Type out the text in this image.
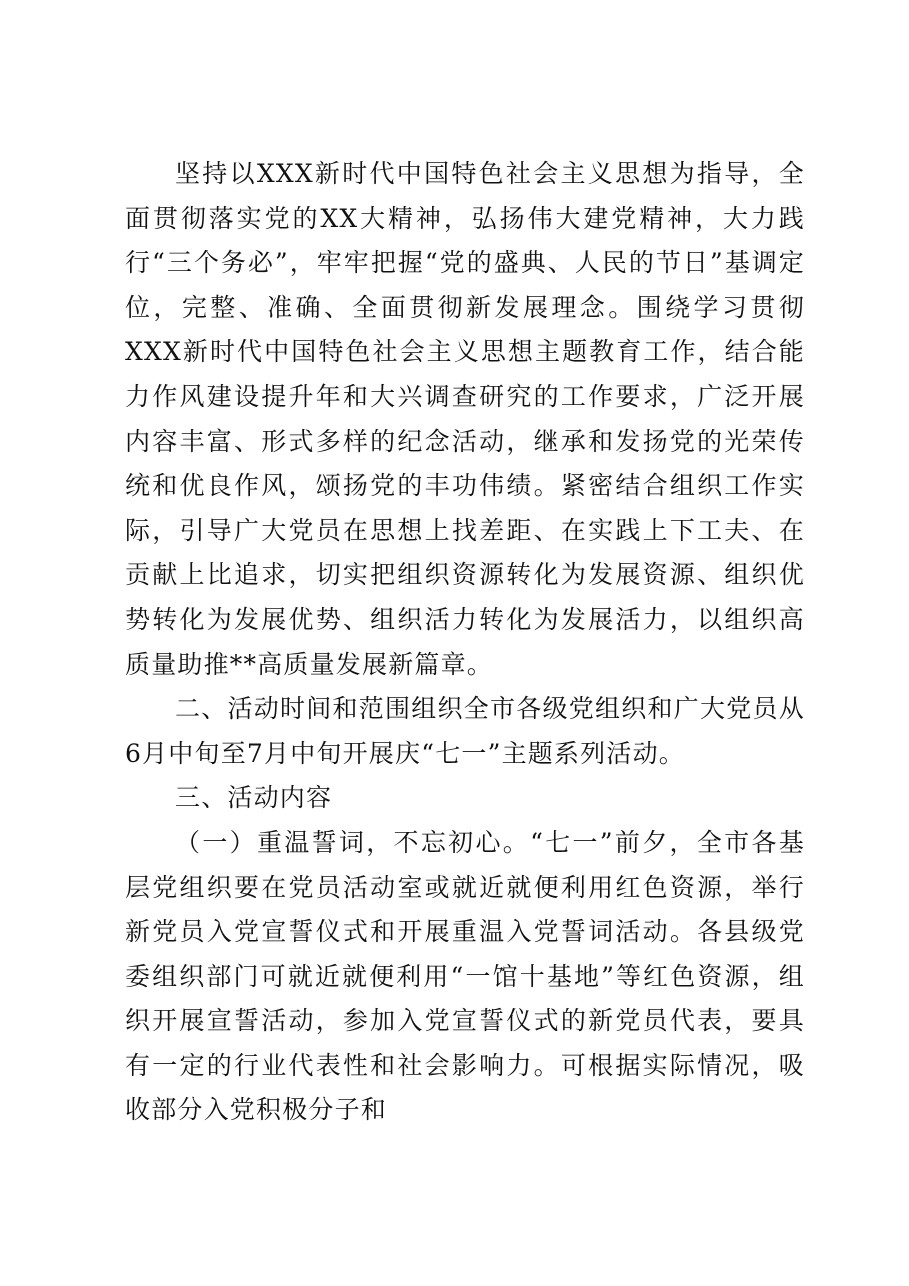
坚持以XXX新时代中国特色社会主义思想为指导，全面贯彻落实党的XX大精神，弘扬伟大建党精神，大力践行“三个务必”，牢牢把握“党的盛典、人民的节日”基调定位，完整、准确、全面贯彻新发展理念。围绕学习贯彻XXX新时代中国特色社会主义思想主题教育工作，结合能力作风建设提升年和大兴调查研究的工作要求，广泛开展内容丰富、形式多样的纪念活动，继承和发扬党的光荣传统和优良作风，颂扬党的丰功伟绩。紧密结合组织工作实际，引导广大党员在思想上找差距、在实践上下工夫、在贡献上比追求，切实把组织资源转化为发展资源、组织优势转化为发展优势、组织活力转化为发展活力，以组织高质量助推**高质量发展新篇章。

二、活动时间和范围组织全市各级党组织和广大党员从6月中旬至7月中旬开展庆“七一”主题系列活动。

三、活动内容

（一）重温誓词，不忘初心。“七一”前夕，全市各基层党组织要在党员活动室或就近就便利用红色资源，举行新党员入党宣誓仪式和开展重温入党誓词活动。各县级党委组织部门可就近就便利用“一馆十基地”等红色资源，组织开展宣誓活动，参加入党宣誓仪式的新党员代表，要具有一定的行业代表性和社会影响力。可根据实际情况，吸收部分入党积极分子和
